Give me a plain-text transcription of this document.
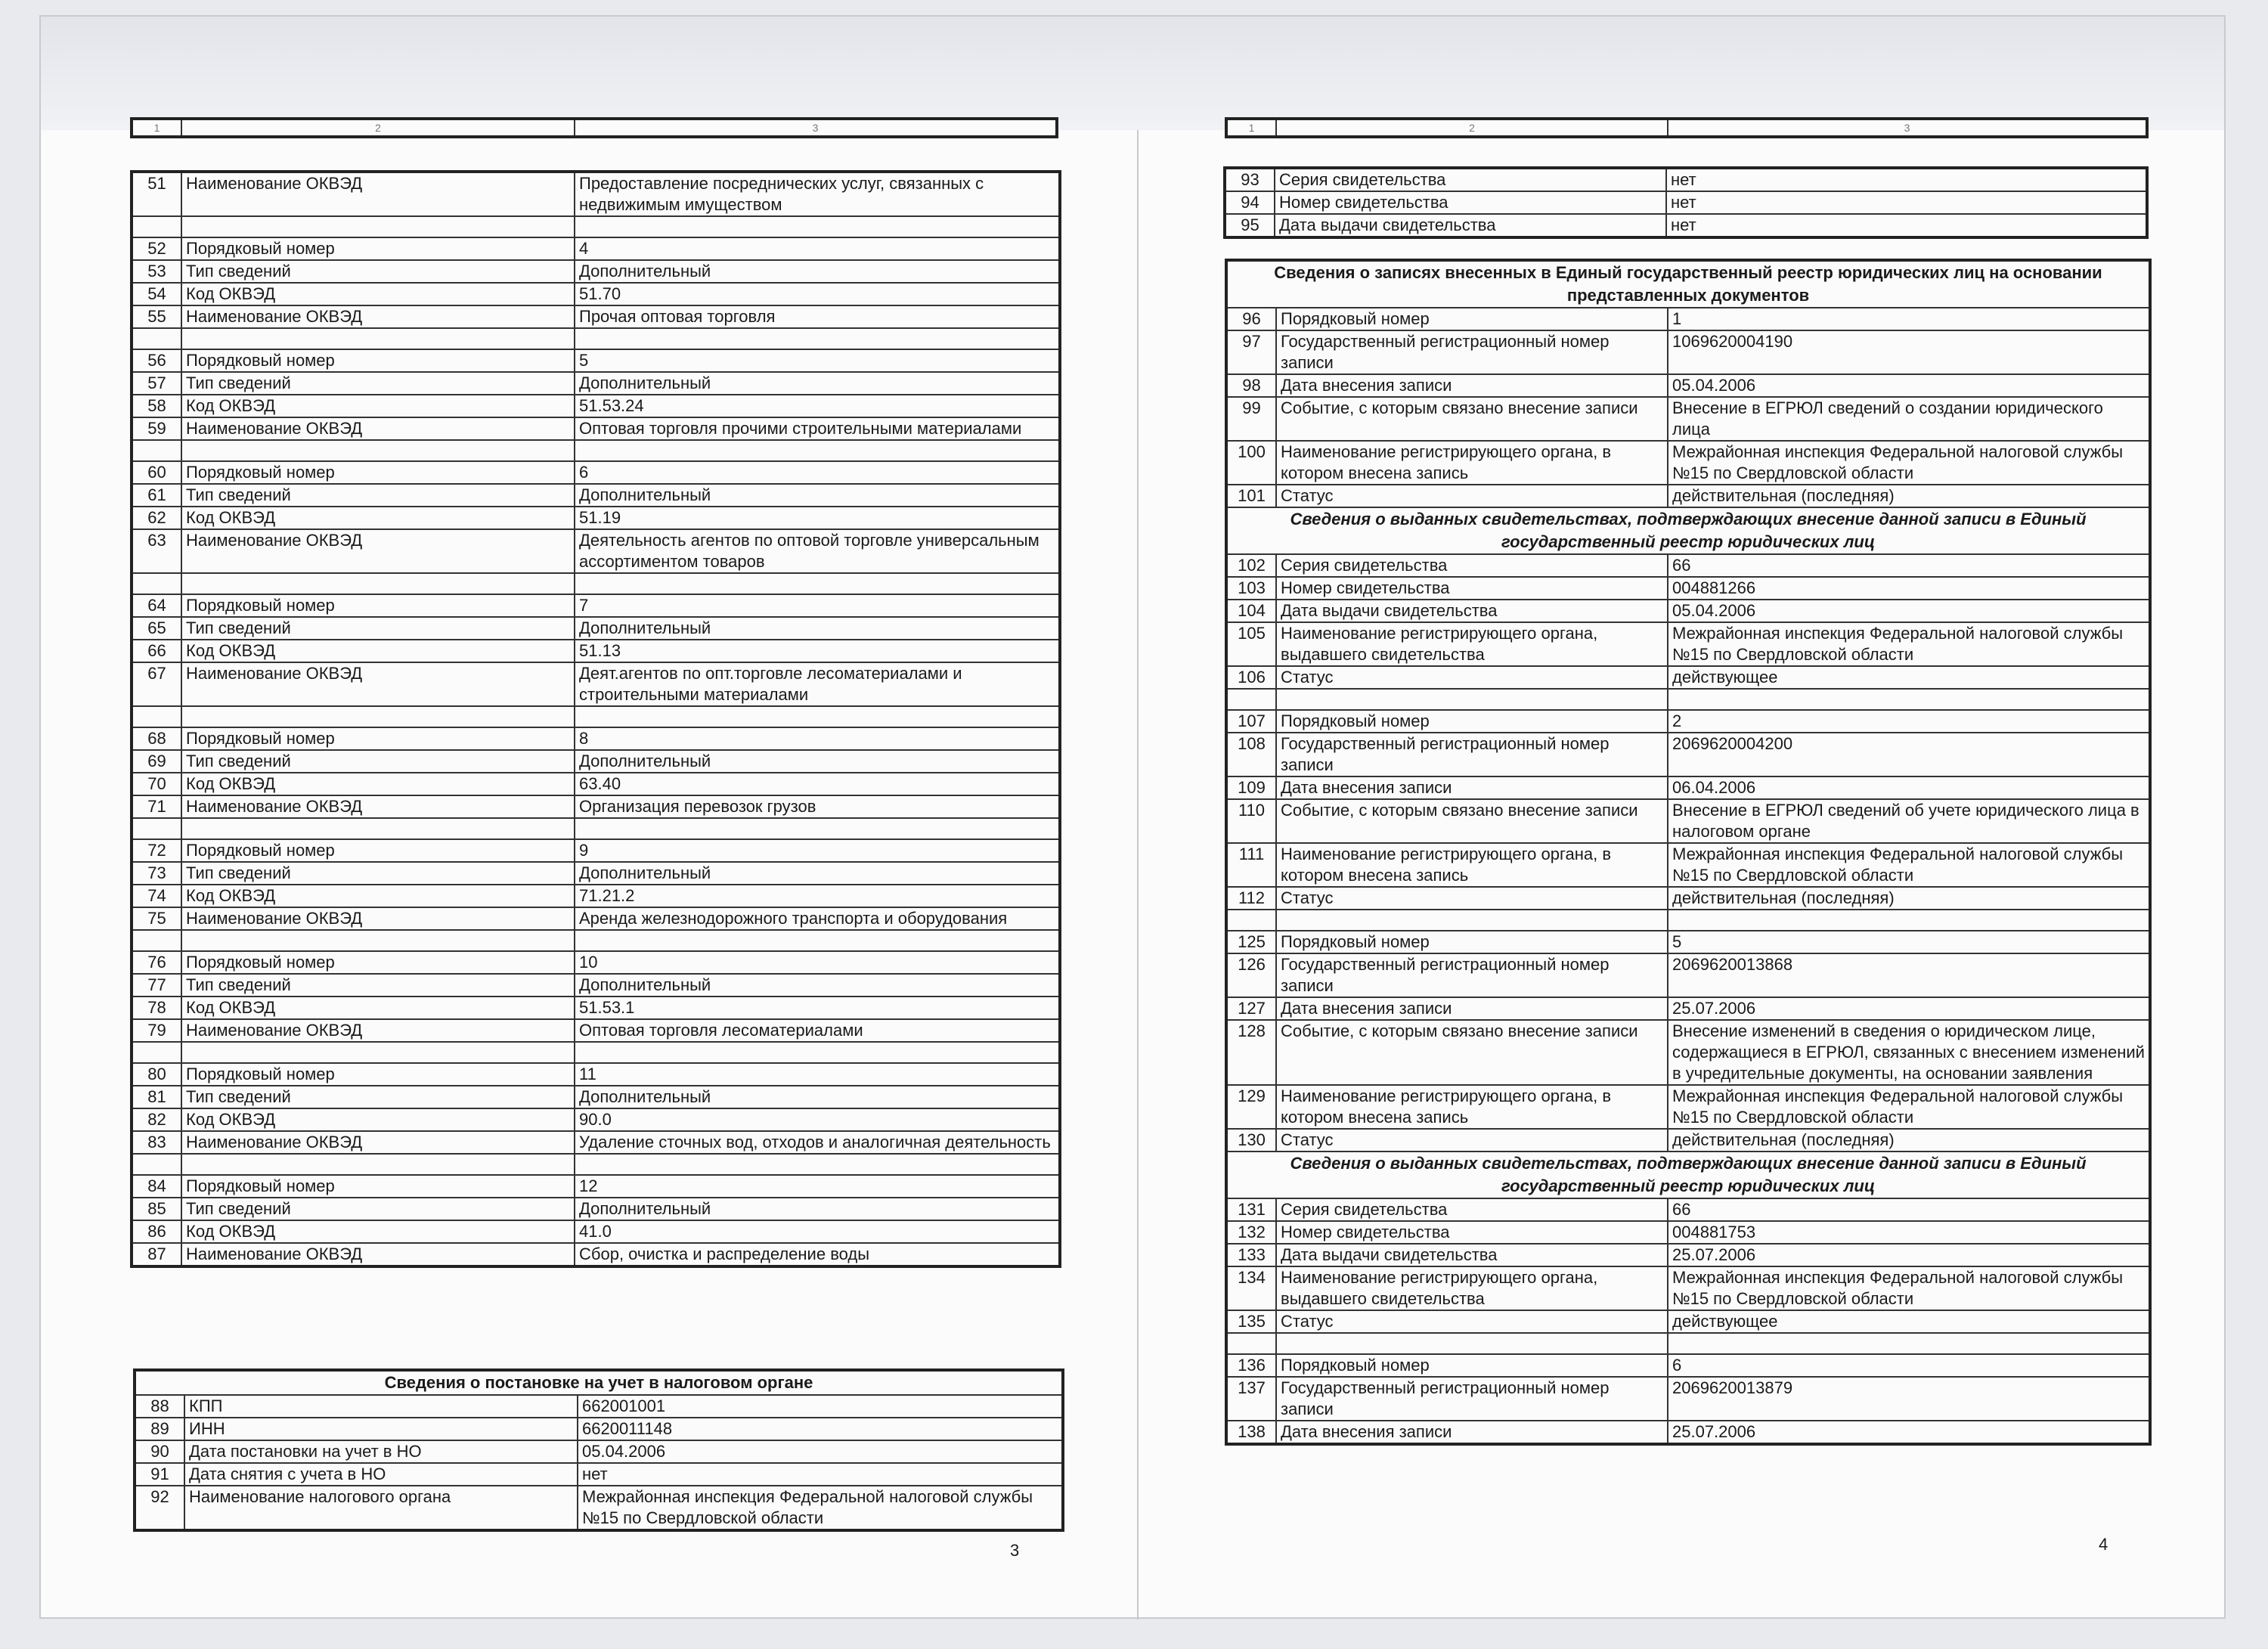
1	2	3
51	Наименование ОКВЭД	Предоставление посреднических услуг, связанных с недвижимым имуществом

52	Порядковый номер	4
53	Тип сведений	Дополнительный
54	Код ОКВЭД	51.70
55	Наименование ОКВЭД	Прочая оптовая торговля

56	Порядковый номер	5
57	Тип сведений	Дополнительный
58	Код ОКВЭД	51.53.24
59	Наименование ОКВЭД	Оптовая торговля прочими строительными материалами

60	Порядковый номер	6
61	Тип сведений	Дополнительный
62	Код ОКВЭД	51.19
63	Наименование ОКВЭД	Деятельность агентов по оптовой торговле универсальным ассортиментом товаров

64	Порядковый номер	7
65	Тип сведений	Дополнительный
66	Код ОКВЭД	51.13
67	Наименование ОКВЭД	Деят.агентов по опт.торговле лесоматериалами и строительными материалами

68	Порядковый номер	8
69	Тип сведений	Дополнительный
70	Код ОКВЭД	63.40
71	Наименование ОКВЭД	Организация перевозок грузов

72	Порядковый номер	9
73	Тип сведений	Дополнительный
74	Код ОКВЭД	71.21.2
75	Наименование ОКВЭД	Аренда железнодорожного транспорта и оборудования

76	Порядковый номер	10
77	Тип сведений	Дополнительный
78	Код ОКВЭД	51.53.1
79	Наименование ОКВЭД	Оптовая торговля лесоматериалами

80	Порядковый номер	11
81	Тип сведений	Дополнительный
82	Код ОКВЭД	90.0
83	Наименование ОКВЭД	Удаление сточных вод, отходов и аналогичная деятельность

84	Порядковый номер	12
85	Тип сведений	Дополнительный
86	Код ОКВЭД	41.0
87	Наименование ОКВЭД	Сбор, очистка и распределение воды
Сведения о постановке на учет в налоговом органе		
88	КПП	662001001
89	ИНН	6620011148
90	Дата постановки на учет в НО	05.04.2006
91	Дата снятия с учета в НО	нет
92	Наименование налогового органа	Межрайонная инспекция Федеральной налоговой службы №15 по Свердловской области
3
1	2	3
93	Серия свидетельства	нет
94	Номер свидетельства	нет
95	Дата выдачи свидетельства	нет
Сведения о записях внесенных в Единый государственный реестр юридических лиц на основании представленных документов		
96	Порядковый номер	1
97	Государственный регистрационный номер записи	1069620004190
98	Дата внесения записи	05.04.2006
99	Событие, с которым связано внесение записи	Внесение в ЕГРЮЛ сведений о создании юридического лица
100	Наименование регистрирующего органа, в котором внесена запись	Межрайонная инспекция Федеральной налоговой службы №15 по Свердловской области
101	Статус	действительная (последняя)
Сведения о выданных свидетельствах, подтверждающих внесение данной записи в Единый государственный реестр юридических лиц		
102	Серия свидетельства	66
103	Номер свидетельства	004881266
104	Дата выдачи свидетельства	05.04.2006
105	Наименование регистрирующего органа, выдавшего свидетельства	Межрайонная инспекция Федеральной налоговой службы №15 по Свердловской области
106	Статус	действующее

107	Порядковый номер	2
108	Государственный регистрационный номер записи	2069620004200
109	Дата внесения записи	06.04.2006
110	Событие, с которым связано внесение записи	Внесение в ЕГРЮЛ сведений об учете юридического лица в налоговом органе
111	Наименование регистрирующего органа, в котором внесена запись	Межрайонная инспекция Федеральной налоговой службы №15 по Свердловской области
112	Статус	действительная (последняя)

125	Порядковый номер	5
126	Государственный регистрационный номер записи	2069620013868
127	Дата внесения записи	25.07.2006
128	Событие, с которым связано внесение записи	Внесение изменений в сведения о юридическом лице, содержащиеся в ЕГРЮЛ, связанных с внесением изменений в учредительные документы, на основании заявления
129	Наименование регистрирующего органа, в котором внесена запись	Межрайонная инспекция Федеральной налоговой службы №15 по Свердловской области
130	Статус	действительная (последняя)
Сведения о выданных свидетельствах, подтверждающих внесение данной записи в Единый государственный реестр юридических лиц		
131	Серия свидетельства	66
132	Номер свидетельства	004881753
133	Дата выдачи свидетельства	25.07.2006
134	Наименование регистрирующего органа, выдавшего свидетельства	Межрайонная инспекция Федеральной налоговой службы №15 по Свердловской области
135	Статус	действующее

136	Порядковый номер	6
137	Государственный регистрационный номер записи	2069620013879
138	Дата внесения записи	25.07.2006
4
